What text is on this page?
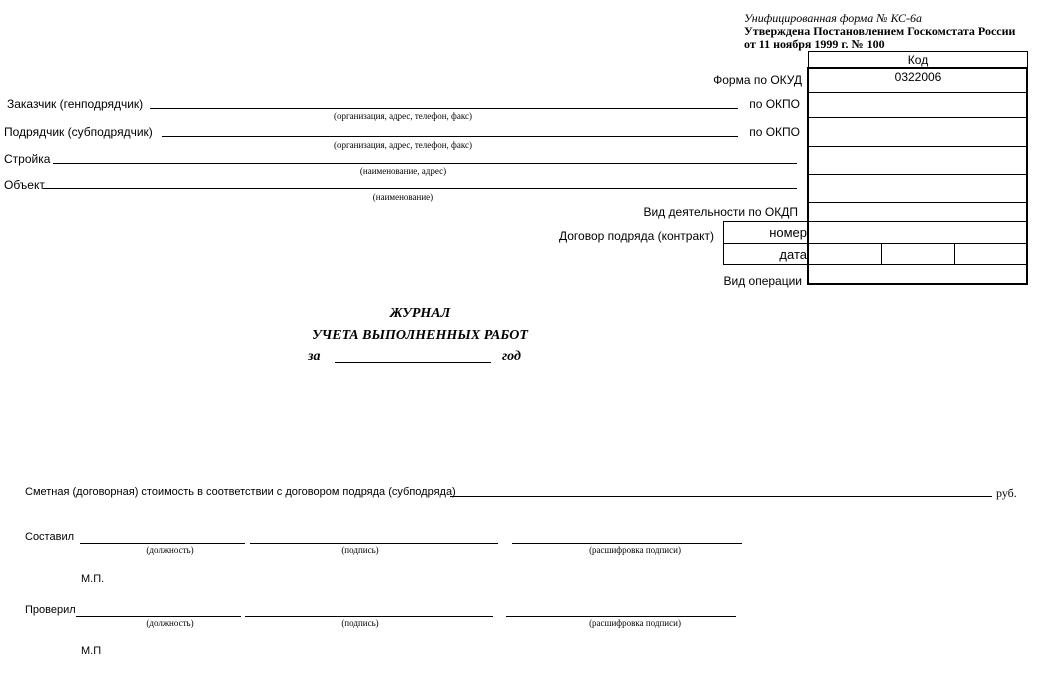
Унифицированная форма № КС-6а
Утверждена Постановлением Госкомстата России
от 11 ноября 1999 г. № 100
Код
0322006
Форма по ОКУД
по ОКПО
по ОКПО
Вид деятельности по ОКДП
Договор подряда (контракт)	номер
дата
Вид операции
Заказчик (генподрядчик)
(организация, адрес, телефон, факс)
Подрядчик (субподрядчик)
(организация, адрес, телефон, факс)
Стройка
(наименование, адрес)
Объект
(наименование)
ЖУРНАЛ
УЧЕТА ВЫПОЛНЕННЫХ РАБОТ
за	год
Сметная (договорная) стоимость в соответствии с договором подряда (субподряда)	руб.
Составил
(должность)	(подпись)	(расшифровка подписи)
М.П.
Проверил
(должность)	(подпись)	(расшифровка подписи)
М.П
